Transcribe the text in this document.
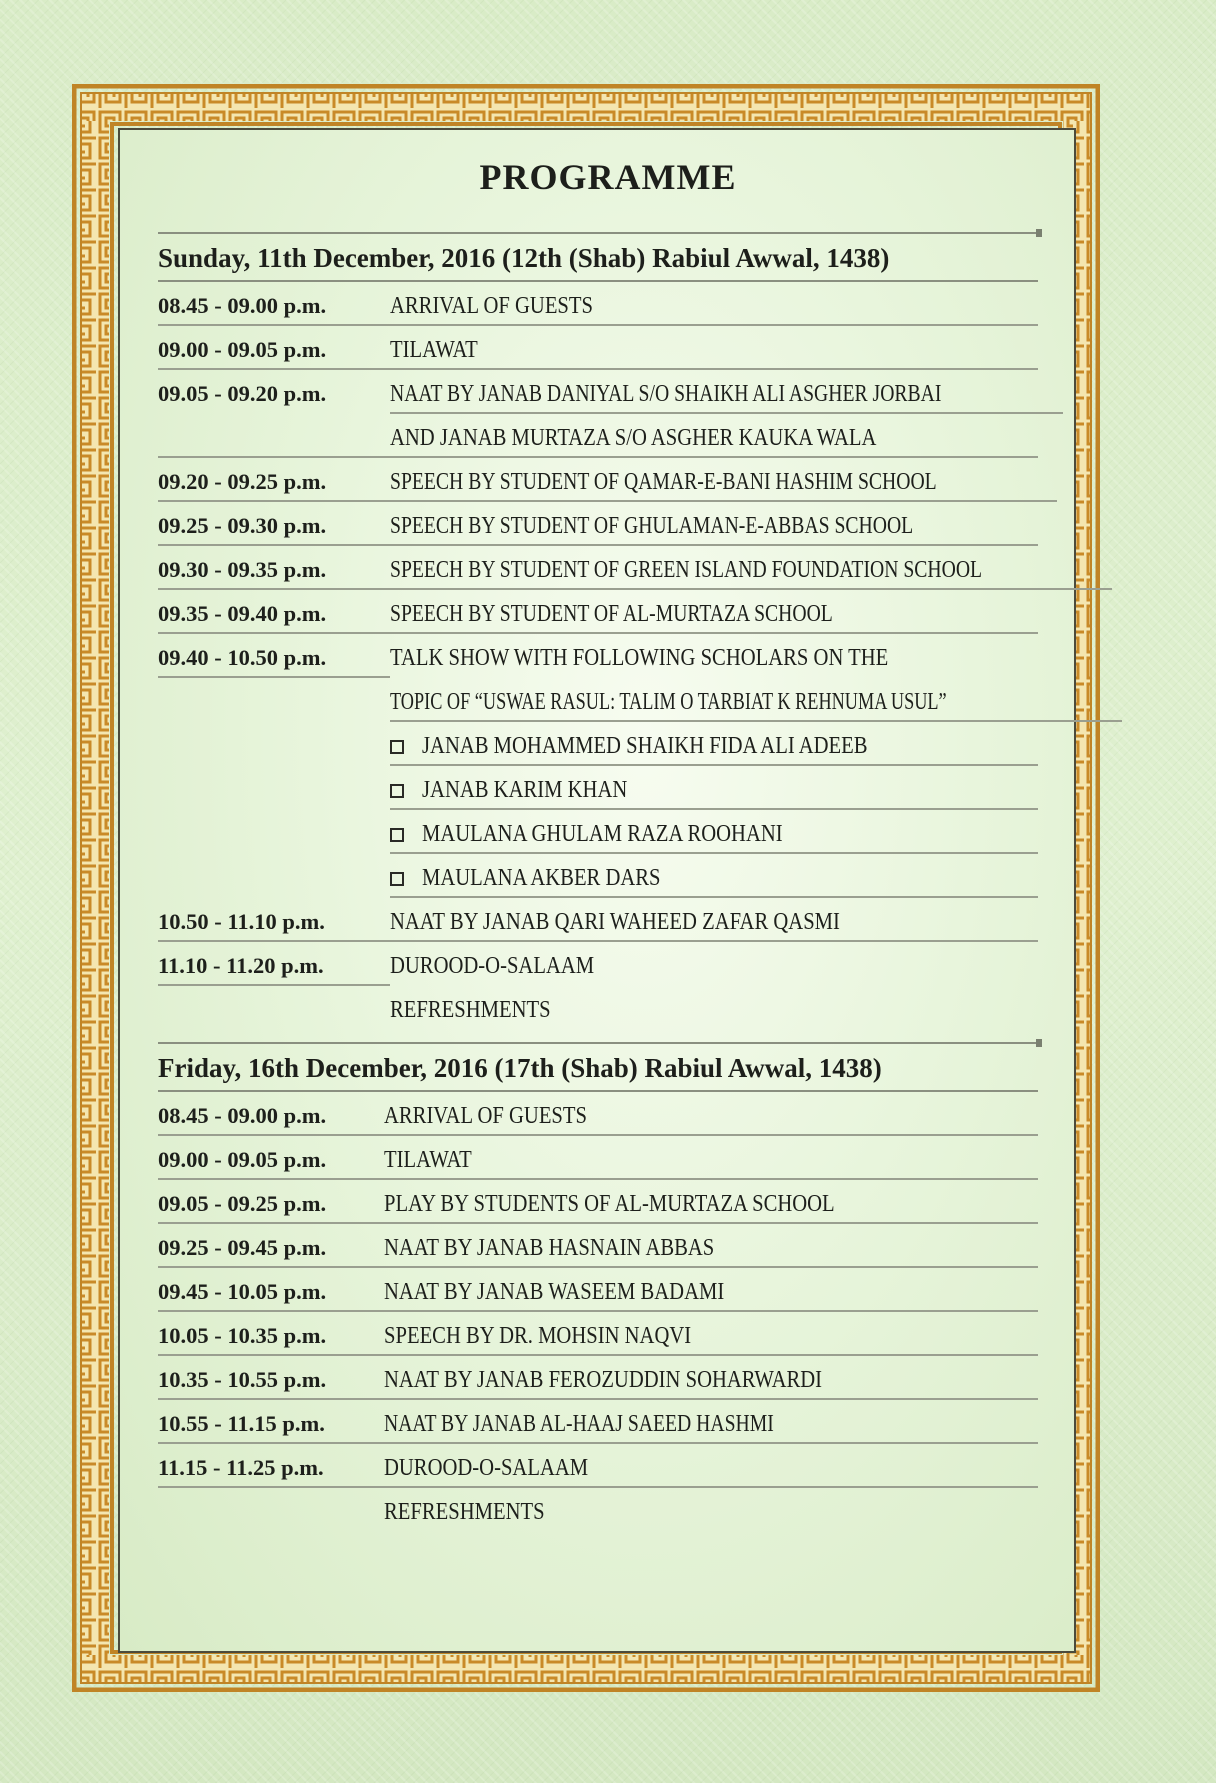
PROGRAMME
Sunday, 11th December, 2016 (12th (Shab) Rabiul Awwal, 1438)
08.45 - 09.00 p.m.	ARRIVAL OF GUESTS
09.00 - 09.05 p.m.	TILAWAT
09.05 - 09.20 p.m.	NAAT BY JANAB DANIYAL S/O SHAIKH ALI ASGHER JORBAI
AND JANAB MURTAZA S/O ASGHER KAUKA WALA
09.20 - 09.25 p.m.	SPEECH BY STUDENT OF QAMAR-E-BANI HASHIM SCHOOL
09.25 - 09.30 p.m.	SPEECH BY STUDENT OF GHULAMAN-E-ABBAS SCHOOL
09.30 - 09.35 p.m.	SPEECH BY STUDENT OF GREEN ISLAND FOUNDATION SCHOOL
09.35 - 09.40 p.m.	SPEECH BY STUDENT OF AL-MURTAZA SCHOOL
09.40 - 10.50 p.m.	TALK SHOW WITH FOLLOWING SCHOLARS ON THE
TOPIC OF “USWAE RASUL: TALIM O TARBIAT K REHNUMA USUL”
JANAB MOHAMMED SHAIKH FIDA ALI ADEEB
JANAB KARIM KHAN
MAULANA GHULAM RAZA ROOHANI
MAULANA AKBER DARS
10.50 - 11.10 p.m.	NAAT BY JANAB QARI WAHEED ZAFAR QASMI
11.10 - 11.20 p.m.	DUROOD-O-SALAAM
REFRESHMENTS
Friday, 16th December, 2016 (17th (Shab) Rabiul Awwal, 1438)
08.45 - 09.00 p.m.	ARRIVAL OF GUESTS
09.00 - 09.05 p.m.	TILAWAT
09.05 - 09.25 p.m.	PLAY BY STUDENTS OF AL-MURTAZA SCHOOL
09.25 - 09.45 p.m.	NAAT BY JANAB HASNAIN ABBAS
09.45 - 10.05 p.m.	NAAT BY JANAB WASEEM BADAMI
10.05 - 10.35 p.m.	SPEECH BY DR. MOHSIN NAQVI
10.35 - 10.55 p.m.	NAAT BY JANAB FEROZUDDIN SOHARWARDI
10.55 - 11.15 p.m.	NAAT BY JANAB AL-HAAJ SAEED HASHMI
11.15 - 11.25 p.m.	DUROOD-O-SALAAM
REFRESHMENTS
